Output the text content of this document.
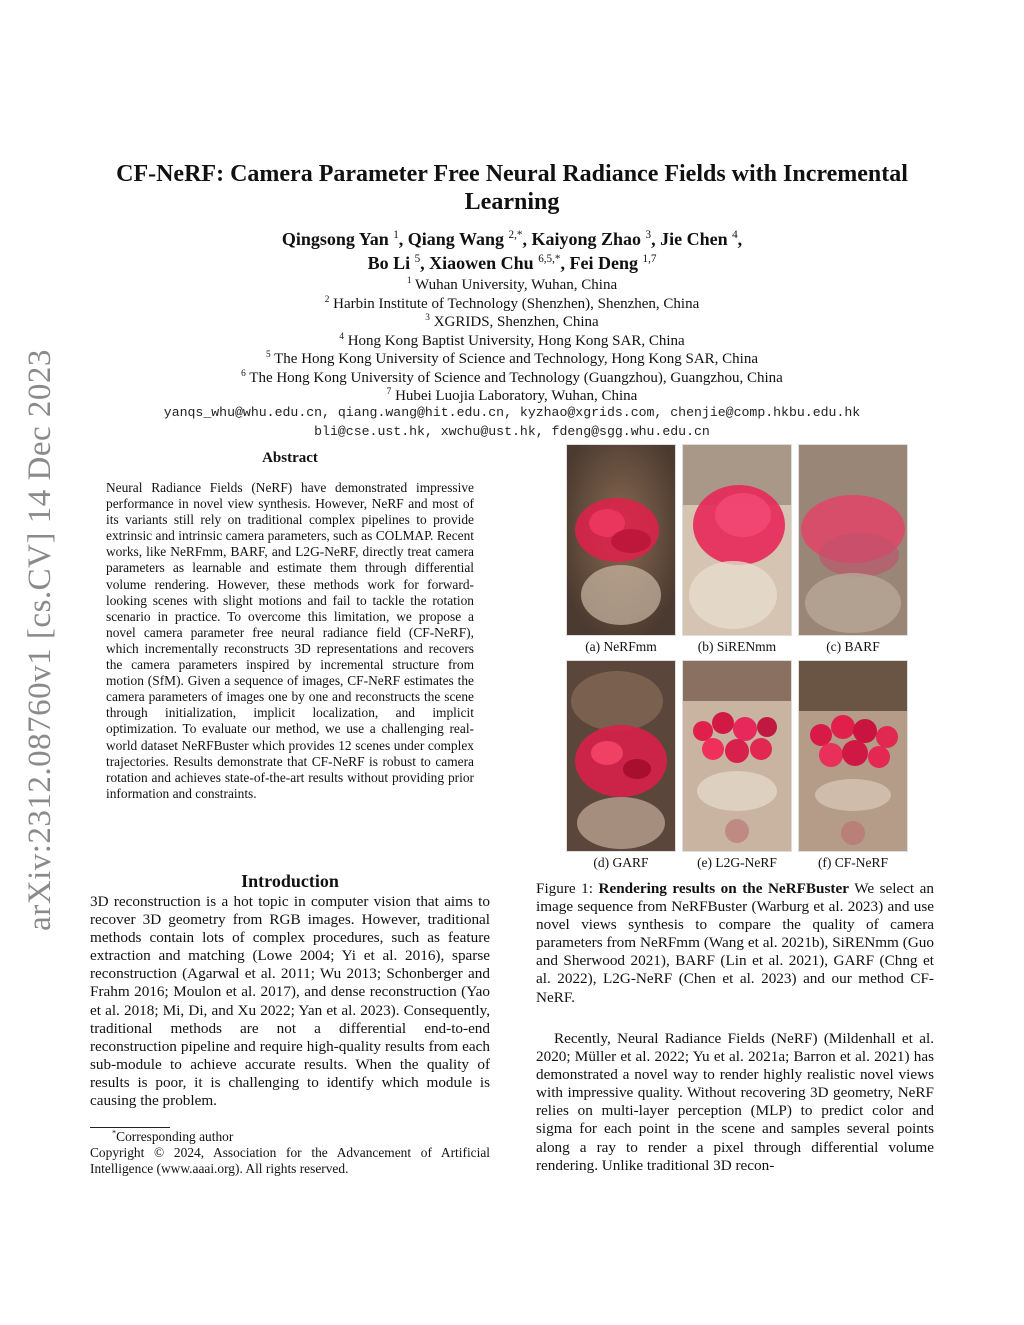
arXiv:2312.08760v1 [cs.CV] 14 Dec 2023
CF-NeRF: Camera Parameter Free Neural Radiance Fields with Incremental Learning
Qingsong Yan $^1$, Qiang Wang $^{2,*}$, Kaiyong Zhao $^3$, Jie Chen $^4$,
Bo Li $^5$, Xiaowen Chu $^{6,5,*}$, Fei Deng $^{1,7}$
$^1$ Wuhan University, Wuhan, China
$^2$ Harbin Institute of Technology (Shenzhen), Shenzhen, China
$^3$ XGRIDS, Shenzhen, China
$^4$ Hong Kong Baptist University, Hong Kong SAR, China
$^5$ The Hong Kong University of Science and Technology, Hong Kong SAR, China
$^6$ The Hong Kong University of Science and Technology (Guangzhou), Guangzhou, China
$^7$ Hubei Luojia Laboratory, Wuhan, China
yanqs_whu@whu.edu.cn, qiang.wang@hit.edu.cn, kyzhao@xgrids.com, chenjie@comp.hkbu.edu.hk
bli@cse.ust.hk, xwchu@ust.hk, fdeng@sgg.whu.edu.cn
Abstract
Neural Radiance Fields (NeRF) have demonstrated impressive performance in novel view synthesis. However, NeRF and most of its variants still rely on traditional complex pipelines to provide extrinsic and intrinsic camera parameters, such as COLMAP. Recent works, like NeRFmm, BARF, and L2G-NeRF, directly treat camera parameters as learnable and estimate them through differential volume rendering. However, these methods work for forward-looking scenes with slight motions and fail to tackle the rotation scenario in practice. To overcome this limitation, we propose a novel camera parameter free neural radiance field (CF-NeRF), which incrementally reconstructs 3D representations and recovers the camera parameters inspired by incremental structure from motion (SfM). Given a sequence of images, CF-NeRF estimates the camera parameters of images one by one and reconstructs the scene through initialization, implicit localization, and implicit optimization. To evaluate our method, we use a challenging real-world dataset NeRFBuster which provides 12 scenes under complex trajectories. Results demonstrate that CF-NeRF is robust to camera rotation and achieves state-of-the-art results without providing prior information and constraints.
Introduction
3D reconstruction is a hot topic in computer vision that aims to recover 3D geometry from RGB images. However, traditional methods contain lots of complex procedures, such as feature extraction and matching (Lowe 2004; Yi et al. 2016), sparse reconstruction (Agarwal et al. 2011; Wu 2013; Schonberger and Frahm 2016; Moulon et al. 2017), and dense reconstruction (Yao et al. 2018; Mi, Di, and Xu 2022; Yan et al. 2023). Consequently, traditional methods are not a differential end-to-end reconstruction pipeline and require high-quality results from each sub-module to achieve accurate results. When the quality of results is poor, it is challenging to identify which module is causing the problem.
*Corresponding author
Copyright © 2024, Association for the Advancement of Artificial Intelligence (www.aaai.org). All rights reserved.
(a) NeRFmm	(b) SiRENmm	(c) BARF
(d) GARF	(e) L2G-NeRF	(f) CF-NeRF
Figure 1: Rendering results on the NeRFBuster We select an image sequence from NeRFBuster (Warburg et al. 2023) and use novel views synthesis to compare the quality of camera parameters from NeRFmm (Wang et al. 2021b), SiRENmm (Guo and Sherwood 2021), BARF (Lin et al. 2021), GARF (Chng et al. 2022), L2G-NeRF (Chen et al. 2023) and our method CF-NeRF.
Recently, Neural Radiance Fields (NeRF) (Mildenhall et al. 2020; Müller et al. 2022; Yu et al. 2021a; Barron et al. 2021) has demonstrated a novel way to render highly realistic novel views with impressive quality. Without recovering 3D geometry, NeRF relies on multi-layer perception (MLP) to predict color and sigma for each point in the scene and samples several points along a ray to render a pixel through differential volume rendering. Unlike traditional 3D recon-
